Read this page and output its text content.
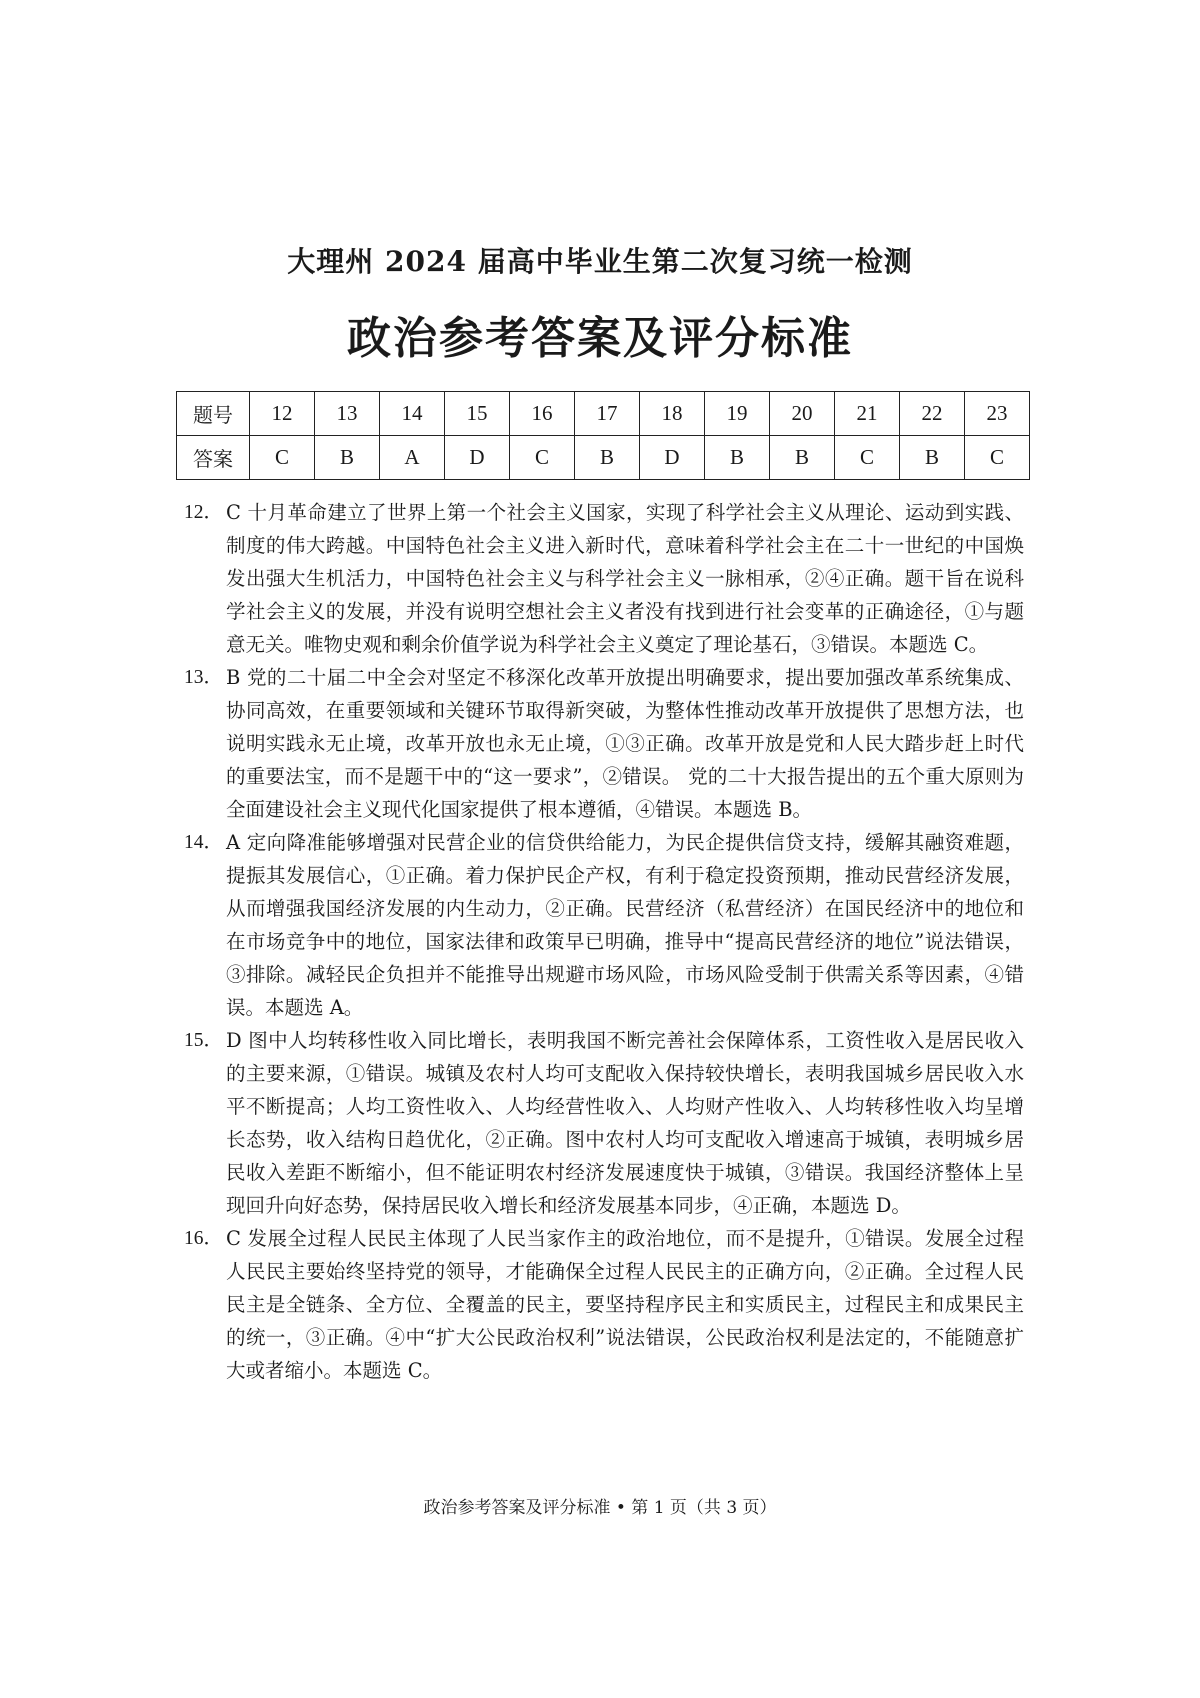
大理州 2024 届高中毕业生第二次复习统一检测
政治参考答案及评分标准
题号	12	13	14	15	16	17	18	19	20	21	22	23
答案	C	B	A	D	C	B	D	B	B	C	B	C

12． C 十月革命建立了世界上第一个社会主义国家，实现了科学社会主义从理论、运动到实践、制度的伟大跨越。中国特色社会主义进入新时代，意味着科学社会主在二十一世纪的中国焕发出强大生机活力，中国特色社会主义与科学社会主义一脉相承，②④正确。题干旨在说科学社会主义的发展，并没有说明空想社会主义者没有找到进行社会变革的正确途径，①与题意无关。唯物史观和剩余价值学说为科学社会主义奠定了理论基石，③错误。本题选 C。

13． B 党的二十届二中全会对坚定不移深化改革开放提出明确要求，提出要加强改革系统集成、协同高效，在重要领域和关键环节取得新突破，为整体性推动改革开放提供了思想方法，也说明实践永无止境，改革开放也永无止境，①③正确。改革开放是党和人民大踏步赶上时代的重要法宝，而不是题干中的“这一要求”，②错误。 党的二十大报告提出的五个重大原则为全面建设社会主义现代化国家提供了根本遵循，④错误。本题选 B。

14． A 定向降准能够增强对民营企业的信贷供给能力，为民企提供信贷支持，缓解其融资难题，提振其发展信心，①正确。着力保护民企产权，有利于稳定投资预期，推动民营经济发展，从而增强我国经济发展的内生动力，②正确。民营经济（私营经济）在国民经济中的地位和在市场竞争中的地位，国家法律和政策早已明确，推导中“提高民营经济的地位”说法错误，③排除。减轻民企负担并不能推导出规避市场风险，市场风险受制于供需关系等因素，④错误。本题选 A。

15． D 图中人均转移性收入同比增长，表明我国不断完善社会保障体系，工资性收入是居民收入的主要来源，①错误。城镇及农村人均可支配收入保持较快增长，表明我国城乡居民收入水平不断提高；人均工资性收入、人均经营性收入、人均财产性收入、人均转移性收入均呈增长态势，收入结构日趋优化，②正确。图中农村人均可支配收入增速高于城镇，表明城乡居民收入差距不断缩小，但不能证明农村经济发展速度快于城镇，③错误。我国经济整体上呈现回升向好态势，保持居民收入增长和经济发展基本同步，④正确，本题选 D。

16． C 发展全过程人民民主体现了人民当家作主的政治地位，而不是提升，①错误。发展全过程人民民主要始终坚持党的领导，才能确保全过程人民民主的正确方向，②正确。全过程人民民主是全链条、全方位、全覆盖的民主，要坚持程序民主和实质民主，过程民主和成果民主的统一，③正确。④中“扩大公民政治权利”说法错误，公民政治权利是法定的，不能随意扩大或者缩小。本题选 C。

政治参考答案及评分标准 • 第 1 页（共 3 页）
